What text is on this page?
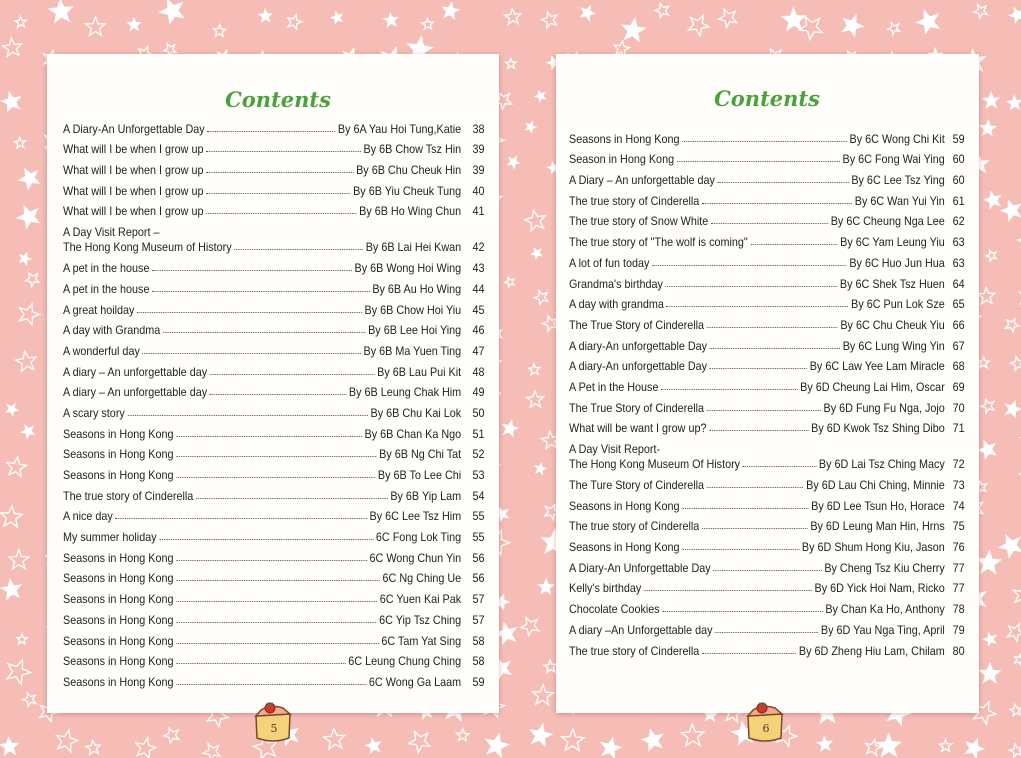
Contents
A Diary-An Unforgettable Day	By 6A Yau Hoi Tung,Katie 38
What will I be when I grow up	By 6B Chow Tsz Hin 39
What will I be when I grow up	By 6B Chu Cheuk Hin 39
What will I be when I grow up	By 6B Yiu Cheuk Tung 40
What will I be when I grow up	By 6B Ho Wing Chun 41
A Day Visit Report –
The Hong Kong Museum of History	By 6B Lai Hei Kwan 42
A pet in the house	By 6B Wong Hoi Wing 43
A pet in the house	By 6B Au Ho Wing 44
A great hoilday	By 6B Chow Hoi Yiu 45
A day with Grandma	By 6B Lee Hoi Ying 46
A wonderful day	By 6B Ma Yuen Ting 47
A diary – An unforgettable day	By 6B Lau Pui Kit 48
A diary – An unforgettable day	By 6B Leung Chak Him 49
A scary story	By 6B Chu Kai Lok 50
Seasons in Hong Kong	By 6B Chan Ka Ngo 51
Seasons in Hong Kong	By 6B Ng Chi Tat 52
Seasons in Hong Kong	By 6B To Lee Chi 53
The true story of Cinderella	By 6B Yip Lam 54
A nice day	By 6C Lee Tsz Him 55
My summer holiday	6C Fong Lok Ting 55
Seasons in Hong Kong	6C Wong Chun Yin 56
Seasons in Hong Kong	6C Ng Ching Ue 56
Seasons in Hong Kong	6C Yuen Kai Pak 57
Seasons in Hong Kong	6C Yip Tsz Ching 57
Seasons in Hong Kong	6C Tam Yat Sing 58
Seasons in Hong Kong	6C Leung Chung Ching 58
Seasons in Hong Kong	6C Wong Ga Laam 59
Contents
Seasons in Hong Kong	By 6C Wong Chi Kit 59
Season in Hong Kong	By 6C Fong Wai Ying 60
A Diary – An unforgettable day	By 6C Lee Tsz Ying 60
The true story of Cinderella	By 6C Wan Yui Yin 61
The true story of Snow White	By 6C Cheung Nga Lee 62
The true story of "The wolf is coming"	By 6C Yam Leung Yiu 63
A lot of fun today	By 6C Huo Jun Hua 63
Grandma's birthday	By 6C Shek Tsz Huen 64
A day with grandma	By 6C Pun Lok Sze 65
The True Story of Cinderella	By 6C Chu Cheuk Yiu 66
A diary-An unforgettable Day	By 6C Lung Wing Yin 67
A diary-An unforgettable Day	By 6C Law Yee Lam Miracle 68
A Pet in the House	By 6D Cheung Lai Him, Oscar 69
The True Story of Cinderella	By 6D Fung Fu Nga, Jojo 70
What will be want I grow up?	By 6D Kwok Tsz Shing Dibo 71
A Day Visit Report-
The Hong Kong Museum Of History	By 6D Lai Tsz Ching Macy 72
The Ture Story of Cinderella	By 6D Lau Chi Ching, Minnie 73
Seasons in Hong Kong	By 6D Lee Tsun Ho, Horace 74
The true story of Cinderella	By 6D Leung Man Hin, Hrns 75
Seasons in Hong Kong	By 6D Shum Hong Kiu, Jason 76
A Diary-An Unforgettable Day	By Cheng Tsz Kiu Cherry 77
Kelly's birthday	By 6D Yick Hoi Nam, Ricko 77
Chocolate Cookies	By Chan Ka Ho, Anthony 78
A diary –An Unforgettable day	By 6D Yau Nga Ting, April 79
The true story of Cinderella	By 6D Zheng Hiu Lam, Chilam 80
5	6
